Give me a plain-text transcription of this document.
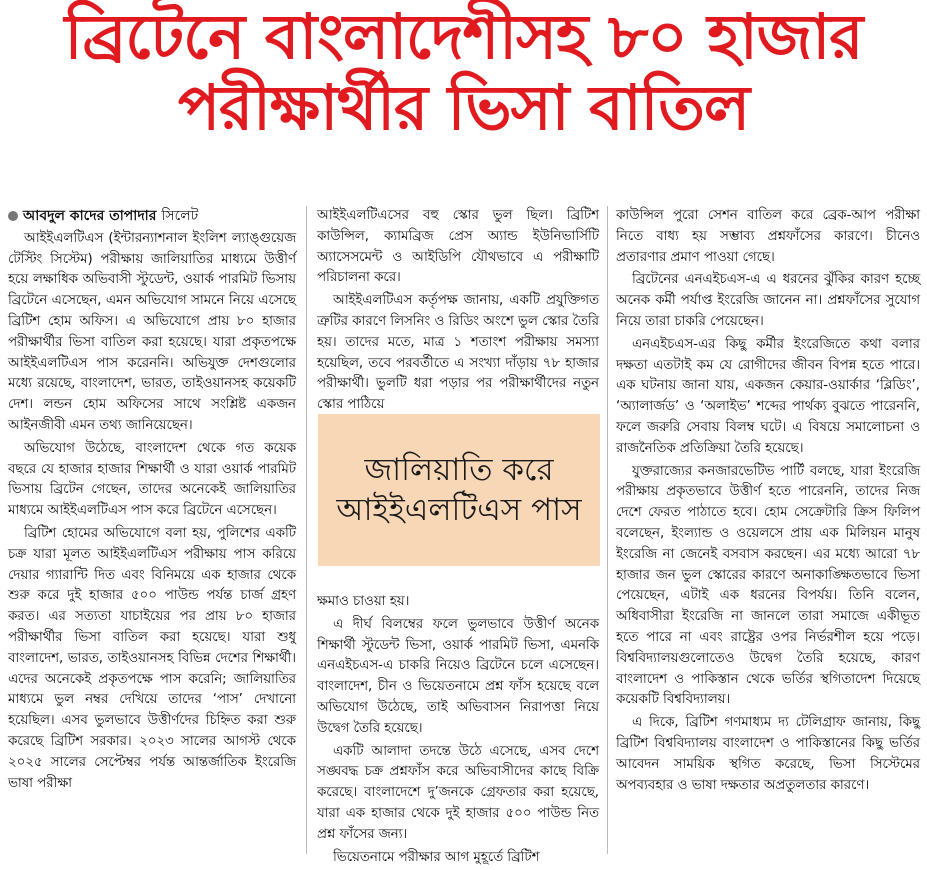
ব্রিটেনে বাংলাদেশীসহ ৮০ হাজার
পরীক্ষার্থীর ভিসা বাতিল

আবদুল কাদের তাপাদার সিলেট

আইইএলটিএস (ইন্টারন্যাশনাল ইংলিশ ল্যাঙ্গুয়েজ টেস্টিং সিস্টেম) পরীক্ষায় জালিয়াতির মাধ্যমে উত্তীর্ণ হয়ে লক্ষাধিক অভিবাসী স্টুডেন্ট, ওয়ার্ক পারমিট ভিসায় ব্রিটেনে এসেছেন, এমন অভিযোগ সামনে নিয়ে এসেছে ব্রিটিশ হোম অফিস। এ অভিযোগে প্রায় ৮০ হাজার পরীক্ষার্থীর ভিসা বাতিল করা হয়েছে। যারা প্রকৃতপক্ষে আইইএলটিএস পাস করেননি। অভিযুক্ত দেশগুলোর মধ্যে রয়েছে, বাংলাদেশ, ভারত, তাইওয়ানসহ কয়েকটি দেশ। লন্ডন হোম অফিসের সাথে সংশ্লিষ্ট একজন আইনজীবী এমন তথ্য জানিয়েছেন।

অভিযোগ উঠেছে, বাংলাদেশ থেকে গত কয়েক বছরে যে হাজার হাজার শিক্ষার্থী ও যারা ওয়ার্ক পারমিট ভিসায় ব্রিটেন গেছেন, তাদের অনেকেই জালিয়াতির মাধ্যমে আইইএলটিএস পাস করে ব্রিটেনে এসেছেন।

ব্রিটিশ হোমের অভিযোগে বলা হয়, পুলিশের একটি চক্র যারা মূলত আইইএলটিএস পরীক্ষায় পাস করিয়ে দেয়ার গ্যারান্টি দিত এবং বিনিময়ে এক হাজার থেকে শুরু করে দুই হাজার ৫০০ পাউন্ড পর্যন্ত চার্জ গ্রহণ করত। এর সত্যতা যাচাইয়ের পর প্রায় ৮০ হাজার পরীক্ষার্থীর ভিসা বাতিল করা হয়েছে। যারা শুধু বাংলাদেশ, ভারত, তাইওয়ানসহ বিভিন্ন দেশের শিক্ষার্থী। এদের অনেকেই প্রকৃতপক্ষে পাস করেনি; জালিয়াতির মাধ্যমে ভুল নম্বর দেখিয়ে তাদের ‘পাস’ দেখানো হয়েছিল। এসব ভুলভাবে উত্তীর্ণদের চিহ্নিত করা শুরু করেছে ব্রিটিশ সরকার। ২০২৩ সালের আগস্ট থেকে ২০২৫ সালের সেপ্টেম্বর পর্যন্ত আন্তর্জাতিক ইংরেজি ভাষা পরীক্ষা

আইইএলটিএসের বহু স্কোর ভুল ছিল। ব্রিটিশ কাউন্সিল, ক্যামব্রিজ প্রেস অ্যান্ড ইউনিভার্সিটি অ্যাসেসমেন্ট ও আইডিপি যৌথভাবে এ পরীক্ষাটি পরিচালনা করে।

আইইএলটিএস কর্তৃপক্ষ জানায়, একটি প্রযুক্তিগত ত্রুটির কারণে লিসনিং ও রিডিং অংশে ভুল স্কোর তৈরি হয়। তাদের মতে, মাত্র ১ শতাংশ পরীক্ষায় সমস্যা হয়েছিল, তবে পরবর্তীতে এ সংখ্যা দাঁড়ায় ৭৮ হাজার পরীক্ষার্থী। ভুলটি ধরা পড়ার পর পরীক্ষার্থীদের নতুন স্কোর পাঠিয়ে

জালিয়াতি করে আইইএলটিএস পাস

ক্ষমাও চাওয়া হয়।

এ দীর্ঘ বিলম্বের ফলে ভুলভাবে উত্তীর্ণ অনেক শিক্ষার্থী স্টুডেন্ট ভিসা, ওয়ার্ক পারমিট ভিসা, এমনকি এনএইচএস-এ চাকরি নিয়েও ব্রিটেনে চলে এসেছেন। বাংলাদেশ, চীন ও ভিয়েতনামে প্রশ্ন ফাঁস হয়েছে বলে অভিযোগ উঠেছে, তাই অভিবাসন নিরাপত্তা নিয়ে উদ্বেগ তৈরি হয়েছে।

একটি আলাদা তদন্তে উঠে এসেছে, এসব দেশে সঙ্ঘবদ্ধ চক্র প্রশ্নফাঁস করে অভিবাসীদের কাছে বিক্রি করেছে। বাংলাদেশে দু’জনকে গ্রেফতার করা হয়েছে, যারা এক হাজার থেকে দুই হাজার ৫০০ পাউন্ড নিত প্রশ্ন ফাঁসের জন্য।

ভিয়েতনামে পরীক্ষার আগ মুহূর্তে ব্রিটিশ

কাউন্সিল পুরো সেশন বাতিল করে ব্রেক-আপ পরীক্ষা নিতে বাধ্য হয় সম্ভাব্য প্রশ্নফাঁসের কারণে। চীনেও প্রতারণার প্রমাণ পাওয়া গেছে।

ব্রিটেনের এনএইচএস-এ এ ধরনের ঝুঁকির কারণ হচ্ছে অনেক কর্মী পর্যাপ্ত ইংরেজি জানেন না। প্রশ্নফাঁসের সুযোগ নিয়ে তারা চাকরি পেয়েছেন।

এনএইচএস-এর কিছু কর্মীর ইংরেজিতে কথা বলার দক্ষতা এতটাই কম যে রোগীদের জীবন বিপন্ন হতে পারে। এক ঘটনায় জানা যায়, একজন কেয়ার-ওয়ার্কার ‘ব্লিডিং’, ‘অ্যালার্জড’ ও ‘অলাইভ’ শব্দের পার্থক্য বুঝতে পারেননি, ফলে জরুরি সেবায় বিলম্ব ঘটে। এ বিষয়ে সমালোচনা ও রাজনৈতিক প্রতিক্রিয়া তৈরি হয়েছে।

যুক্তরাজ্যের কনজারভেটিভ পার্টি বলছে, যারা ইংরেজি পরীক্ষায় প্রকৃতভাবে উত্তীর্ণ হতে পারেননি, তাদের নিজ দেশে ফেরত পাঠাতে হবে। হোম সেক্রেটারি ক্রিস ফিলিপ বলেছেন, ইংল্যান্ড ও ওয়েলসে প্রায় এক মিলিয়ন মানুষ ইংরেজি না জেনেই বসবাস করছেন। এর মধ্যে আরো ৭৮ হাজার জন ভুল স্কোরের কারণে অনাকাঙ্ক্ষিতভাবে ভিসা পেয়েছেন, এটাই এক ধরনের বিপর্যয়। তিনি বলেন, অধিবাসীরা ইংরেজি না জানলে তারা সমাজে একীভূত হতে পারে না এবং রাষ্ট্রের ওপর নির্ভরশীল হয়ে পড়ে। বিশ্ববিদ্যালয়গুলোতেও উদ্বেগ তৈরি হয়েছে, কারণ বাংলাদেশ ও পাকিস্তান থেকে ভর্তির স্থগিতাদেশ দিয়েছে কয়েকটি বিশ্ববিদ্যালয়।

এ দিকে, ব্রিটিশ গণমাধ্যম দ্য টেলিগ্রাফ জানায়, কিছু ব্রিটিশ বিশ্ববিদ্যালয় বাংলাদেশ ও পাকিস্তানের কিছু ভর্তির আবেদন সাময়িক স্থগিত করেছে, ভিসা সিস্টেমের অপব্যবহার ও ভাষা দক্ষতার অপ্রতুলতার কারণে।
